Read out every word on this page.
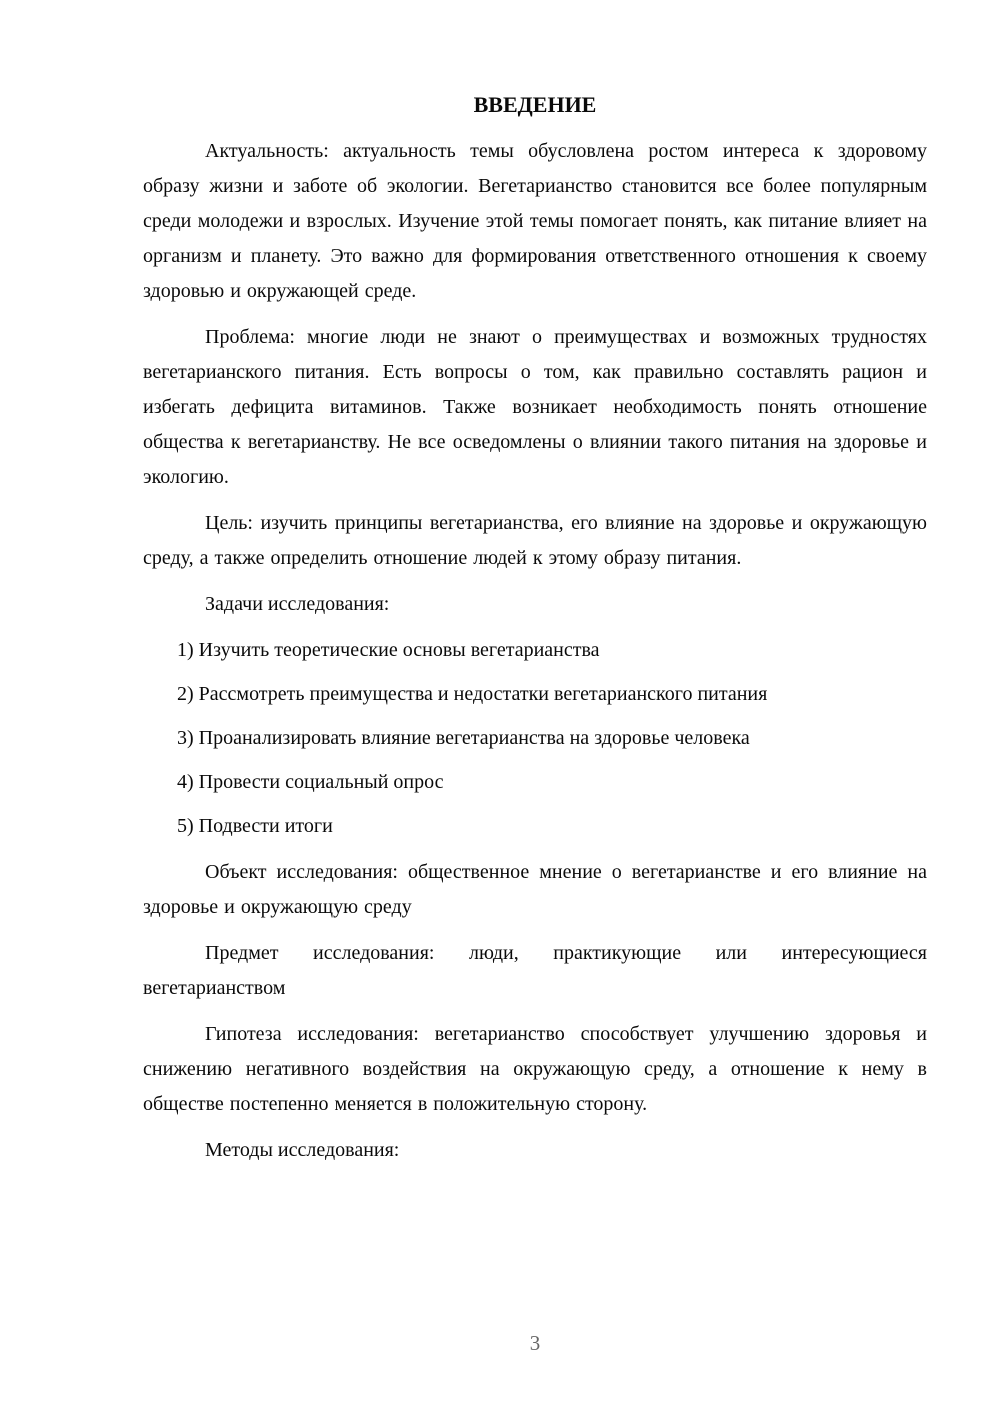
ВВЕДЕНИЕ

Актуальность: актуальность темы обусловлена ростом интереса к здоровому образу жизни и заботе об экологии. Вегетарианство становится все более популярным среди молодежи и взрослых. Изучение этой темы помогает понять, как питание влияет на организм и планету. Это важно для формирования ответственного отношения к своему здоровью и окружающей среде.

Проблема: многие люди не знают о преимуществах и возможных трудностях вегетарианского питания. Есть вопросы о том, как правильно составлять рацион и избегать дефицита витаминов. Также возникает необходимость понять отношение общества к вегетарианству. Не все осведомлены о влиянии такого питания на здоровье и экологию.

Цель: изучить принципы вегетарианства, его влияние на здоровье и окружающую среду, а также определить отношение людей к этому образу питания.

Задачи исследования:

1) Изучить теоретические основы вегетарианства

2) Рассмотреть преимущества и недостатки вегетарианского питания

3) Проанализировать влияние вегетарианства на здоровье человека

4) Провести социальный опрос

5) Подвести итоги

Объект исследования: общественное мнение о вегетарианстве и его влияние на здоровье и окружающую среду

Предмет исследования: люди, практикующие или интересующиеся вегетарианством

Гипотеза исследования: вегетарианство способствует улучшению здоровья и снижению негативного воздействия на окружающую среду, а отношение к нему в обществе постепенно меняется в положительную сторону.

Методы исследования:

3
